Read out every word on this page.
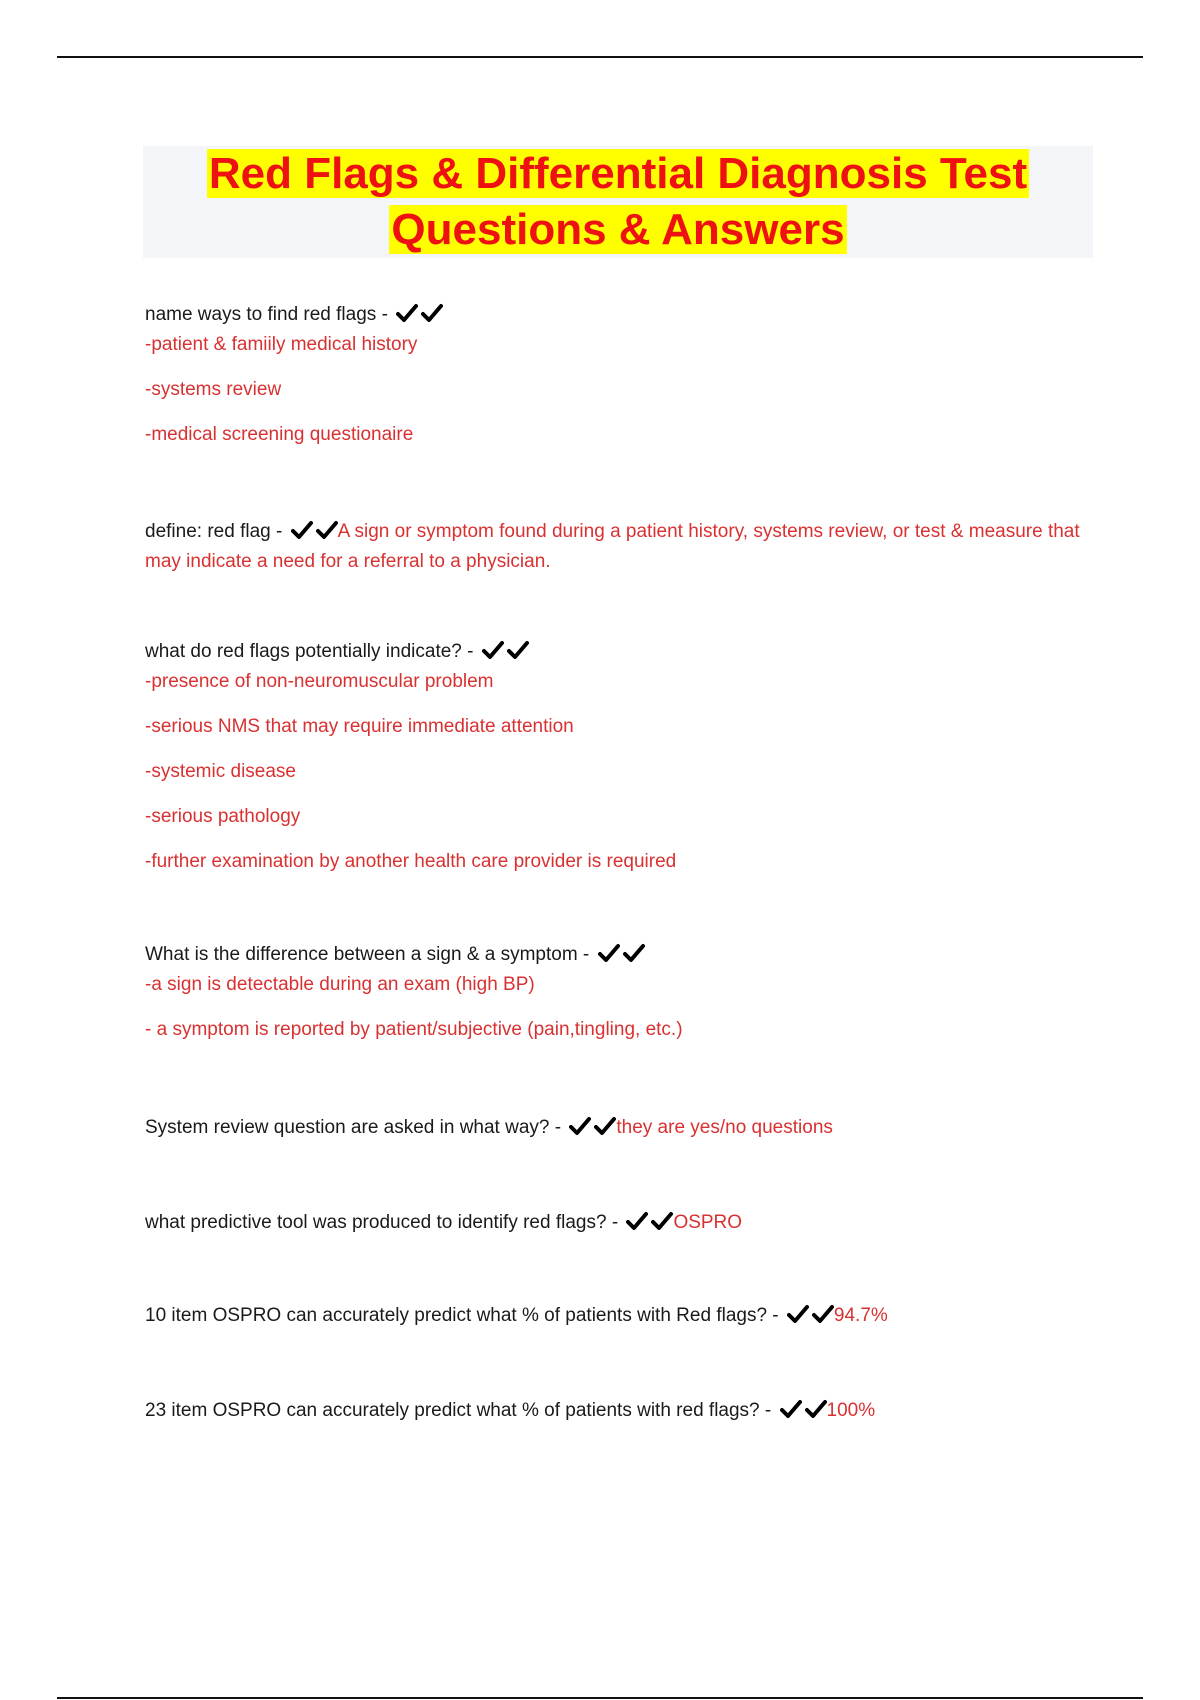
Red Flags & Differential Diagnosis Test
Questions & Answers
name ways to find red flags -
-patient & famiily medical history
-systems review
-medical screening questionaire
define: red flag -	A sign or symptom found during a patient history, systems review, or test & measure that may indicate a need for a referral to a physician.
what do red flags potentially indicate? -
-presence of non-neuromuscular problem
-serious NMS that may require immediate attention
-systemic disease
-serious pathology
-further examination by another health care provider is required
What is the difference between a sign & a symptom -
-a sign is detectable during an exam (high BP)
- a symptom is reported by patient/subjective (pain,tingling, etc.)
System review question are asked in what way? -	they are yes/no questions
what predictive tool was produced to identify red flags? -	OSPRO
10 item OSPRO can accurately predict what % of patients with Red flags? -	94.7%
23 item OSPRO can accurately predict what % of patients with red flags? -	100%
